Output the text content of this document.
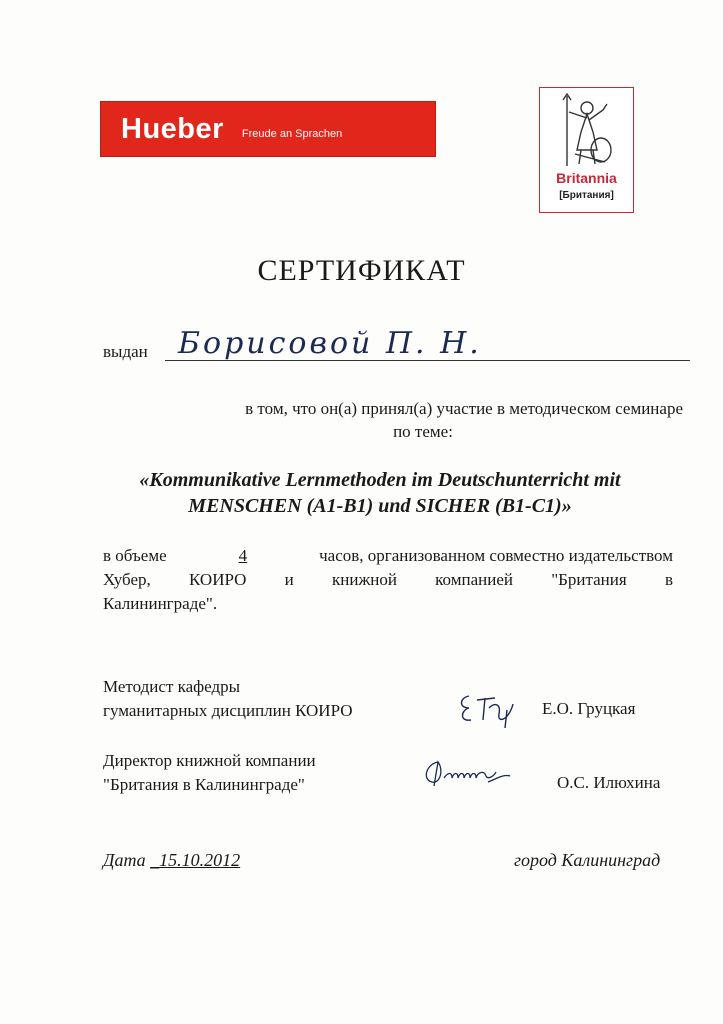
Hueber Freude an Sprachen
Britannia
[Британия]
СЕРТИФИКАТ
выдан Борисовой П. Н.
в том, что он(а) принял(а) участие в методическом семинаре
по теме:
«Kommunikative Lernmethoden im Deutschunterricht mit
MENSCHEN (A1-B1) und SICHER (B1-C1)»
в объеме	4	часов, организованном совместно издательством
Хубер, КОИРО и книжной компанией "Британия в
Калининграде".
Методист кафедры
гуманитарных дисциплин КОИРО	Е.О. Груцкая
Директор книжной компании
"Британия в Калининграде"	О.С. Илюхина
Дата _15.10.2012	город Калининград
